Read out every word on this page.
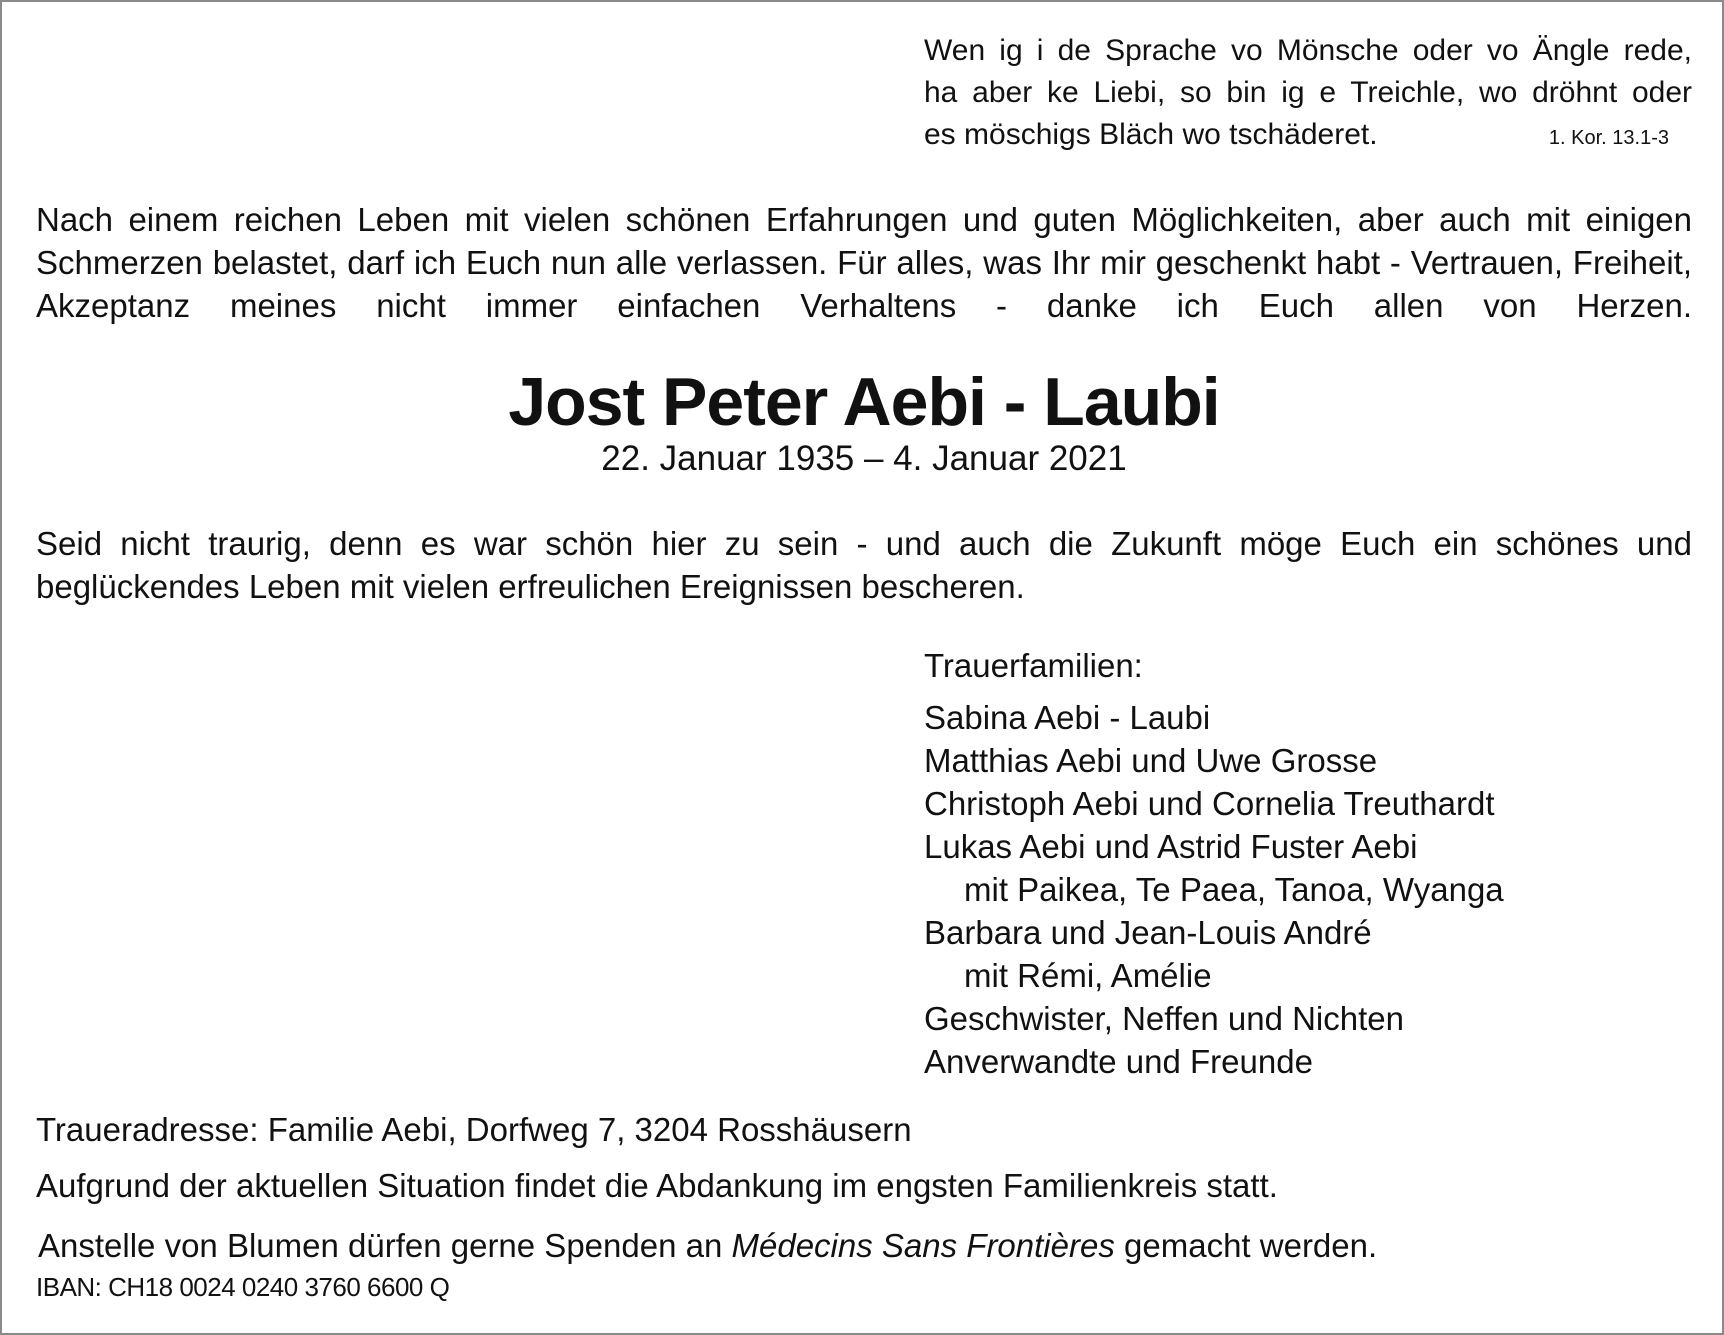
Wen ig i de Sprache vo Mönsche oder vo Ängle rede,
ha aber ke Liebi, so bin ig e Treichle, wo dröhnt oder
es möschigs Bläch wo tschäderet.	1. Kor. 13.1-3
Nach einem reichen Leben mit vielen schönen Erfahrungen und guten Möglichkeiten, aber auch mit einigen Schmerzen belastet, darf ich Euch nun alle verlassen. Für alles, was Ihr mir geschenkt habt - Vertrauen, Freiheit, Akzeptanz meines nicht immer einfachen Verhaltens - danke ich Euch allen von Herzen.
Jost Peter Aebi - Laubi
22. Januar 1935 – 4. Januar 2021
Seid nicht traurig, denn es war schön hier zu sein - und auch die Zukunft möge Euch ein schönes und beglückendes Leben mit vielen erfreulichen Ereignissen bescheren.
Trauerfamilien:
Sabina Aebi - Laubi
Matthias Aebi und Uwe Grosse
Christoph Aebi und Cornelia Treuthardt
Lukas Aebi und Astrid Fuster Aebi
mit Paikea, Te Paea, Tanoa, Wyanga
Barbara und Jean-Louis André
mit Rémi, Amélie
Geschwister, Neffen und Nichten
Anverwandte und Freunde
Traueradresse: Familie Aebi, Dorfweg 7, 3204 Rosshäusern
Aufgrund der aktuellen Situation findet die Abdankung im engsten Familienkreis statt.
Anstelle von Blumen dürfen gerne Spenden an Médecins Sans Frontières gemacht werden.
IBAN: CH18 0024 0240 3760 6600 Q
